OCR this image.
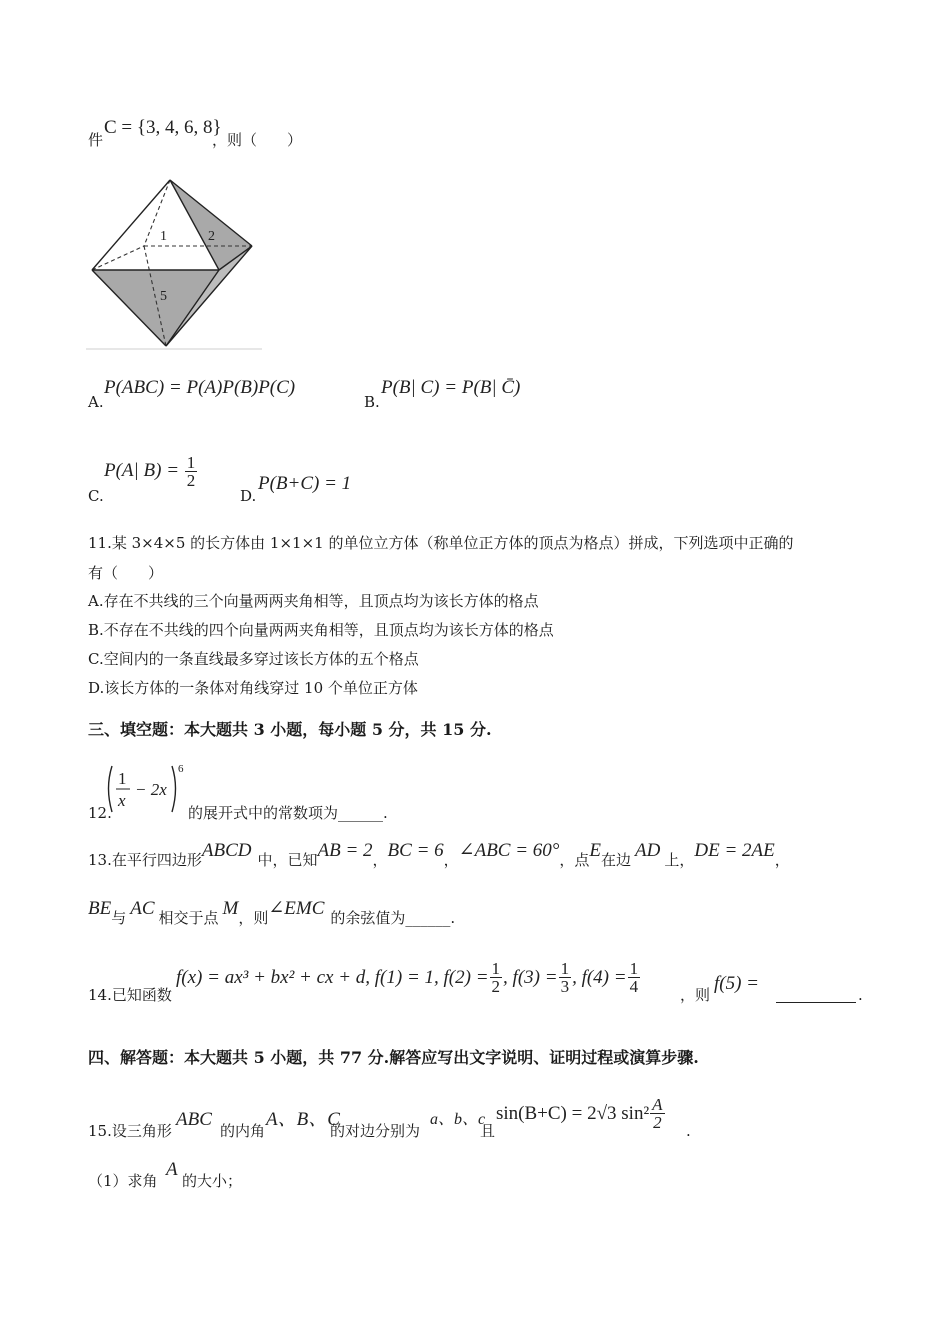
件
C = {3, 4, 6, 8}
，则（　　）
1	2
5
A.
P(ABC) = P(A)P(B)P(C)
B.
P(B| C) = P(B| C̄)
C.
P(A| $B) = \frac{1}{2}$
D.
P(B+C) = 1
11.某 3×4×5 的长方体由 1×1×1 的单位立方体（称单位正方体的顶点为格点）拼成，下列选项中正确的
有（　　）
A.存在不共线的三个向量两两夹角相等，且顶点均为该长方体的格点
B.不存在不共线的四个向量两两夹角相等，且顶点均为该长方体的格点
C.空间内的一条直线最多穿过该长方体的五个格点
D.该长方体的一条体对角线穿过 10 个单位正方体
三、填空题：本大题共 3 小题，每小题 5 分，共 15 分.
12.
1
x
− 2x
6
的展开式中的常数项为______.
13.在平行四边形 ABCD 中，已知 AB = 2 ， BC = 6 ， ∠ABC = 60° ，点 E 在边 AD 上， DE = 2AE ，
BE 与 AC 相交于点 M ，则 ∠EMC 的余弦值为______.
14.已知函数
f(x) = ax³ + bx² + cx + d, f(1) = 1, $f(2) = \frac{1}{2}$ , $f(3) = \frac{1}{3}$ , $f(4) = \frac{1}{4}$
，则
f(5) =
.
四、解答题：本大题共 5 小题，共 77 分.解答应写出文字说明、证明过程或演算步骤.
15.设三角形
ABC
的内角
A、B、C
的对边分别为
a、b、c
且
sin(B+C) = 2√3 $\sin^2 \frac{A}{2}$
.
（1）求角
A
的大小；
